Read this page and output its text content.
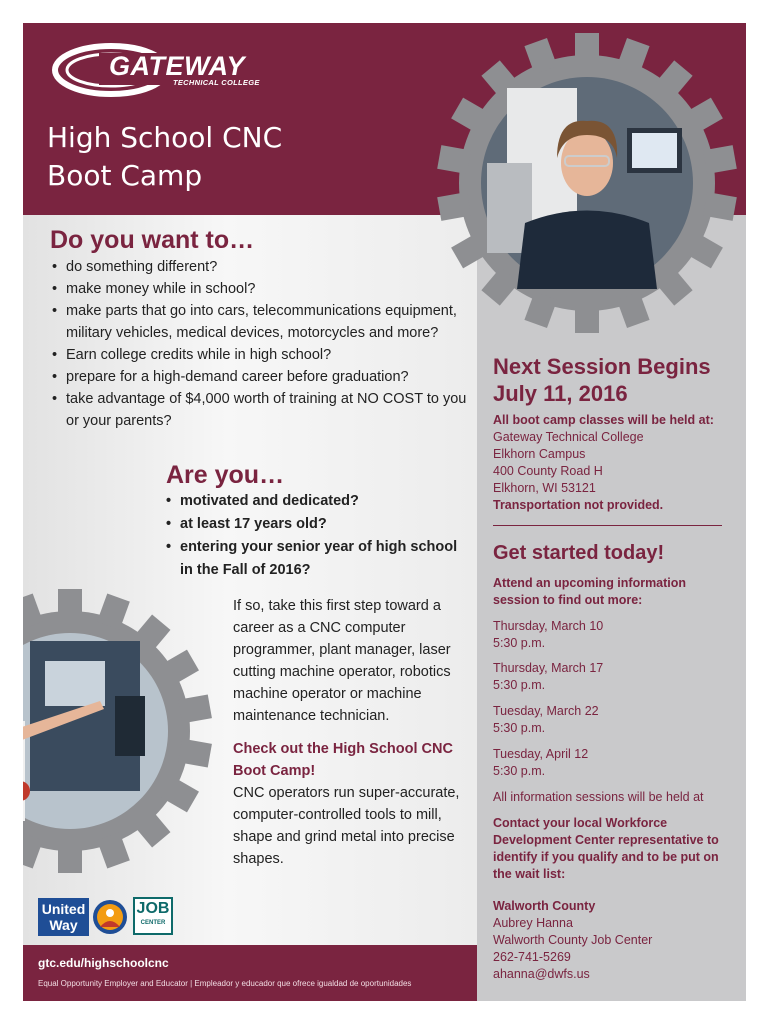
GATEWAY
TECHNICAL COLLEGE
High School CNC
Boot Camp
Do you want to…
• do something different?
• make money while in school?
• make parts that go into cars, telecommunications equipment, military vehicles, medical devices, motorcycles and more?
• Earn college credits while in high school?
• prepare for a high-demand career before graduation?
• take advantage of $4,000 worth of training at NO COST to you or your parents?
Are you…
• motivated and dedicated?
• at least 17 years old?
• entering your senior year of high school in the Fall of 2016?
If so, take this first step toward a career as a CNC computer programmer, plant manager, laser cutting machine operator, robotics machine operator or machine maintenance technician.
Check out the High School CNC Boot Camp!
CNC operators run super-accurate, computer-controlled tools to mill, shape and grind metal into precise shapes.
United
Way
JOB
CENTER
gtc.edu/highschoolcnc
Equal Opportunity Employer and Educator | Empleador y educador que ofrece igualdad de oportunidades
Next Session Begins
July 11, 2016
All boot camp classes will be held at:
Gateway Technical College
Elkhorn Campus
400 County Road H
Elkhorn, WI 53121
Transportation not provided.
Get started today!
Attend an upcoming information session to find out more:
Thursday, March 10
5:30 p.m.
Thursday, March 17
5:30 p.m.
Tuesday, March 22
5:30 p.m.
Tuesday, April 12
5:30 p.m.
All information sessions will be held at
Contact your local Workforce Development Center representative to identify if you qualify and to be put on the wait list:
Walworth County
Aubrey Hanna
Walworth County Job Center
262-741-5269
ahanna@dwfs.us
